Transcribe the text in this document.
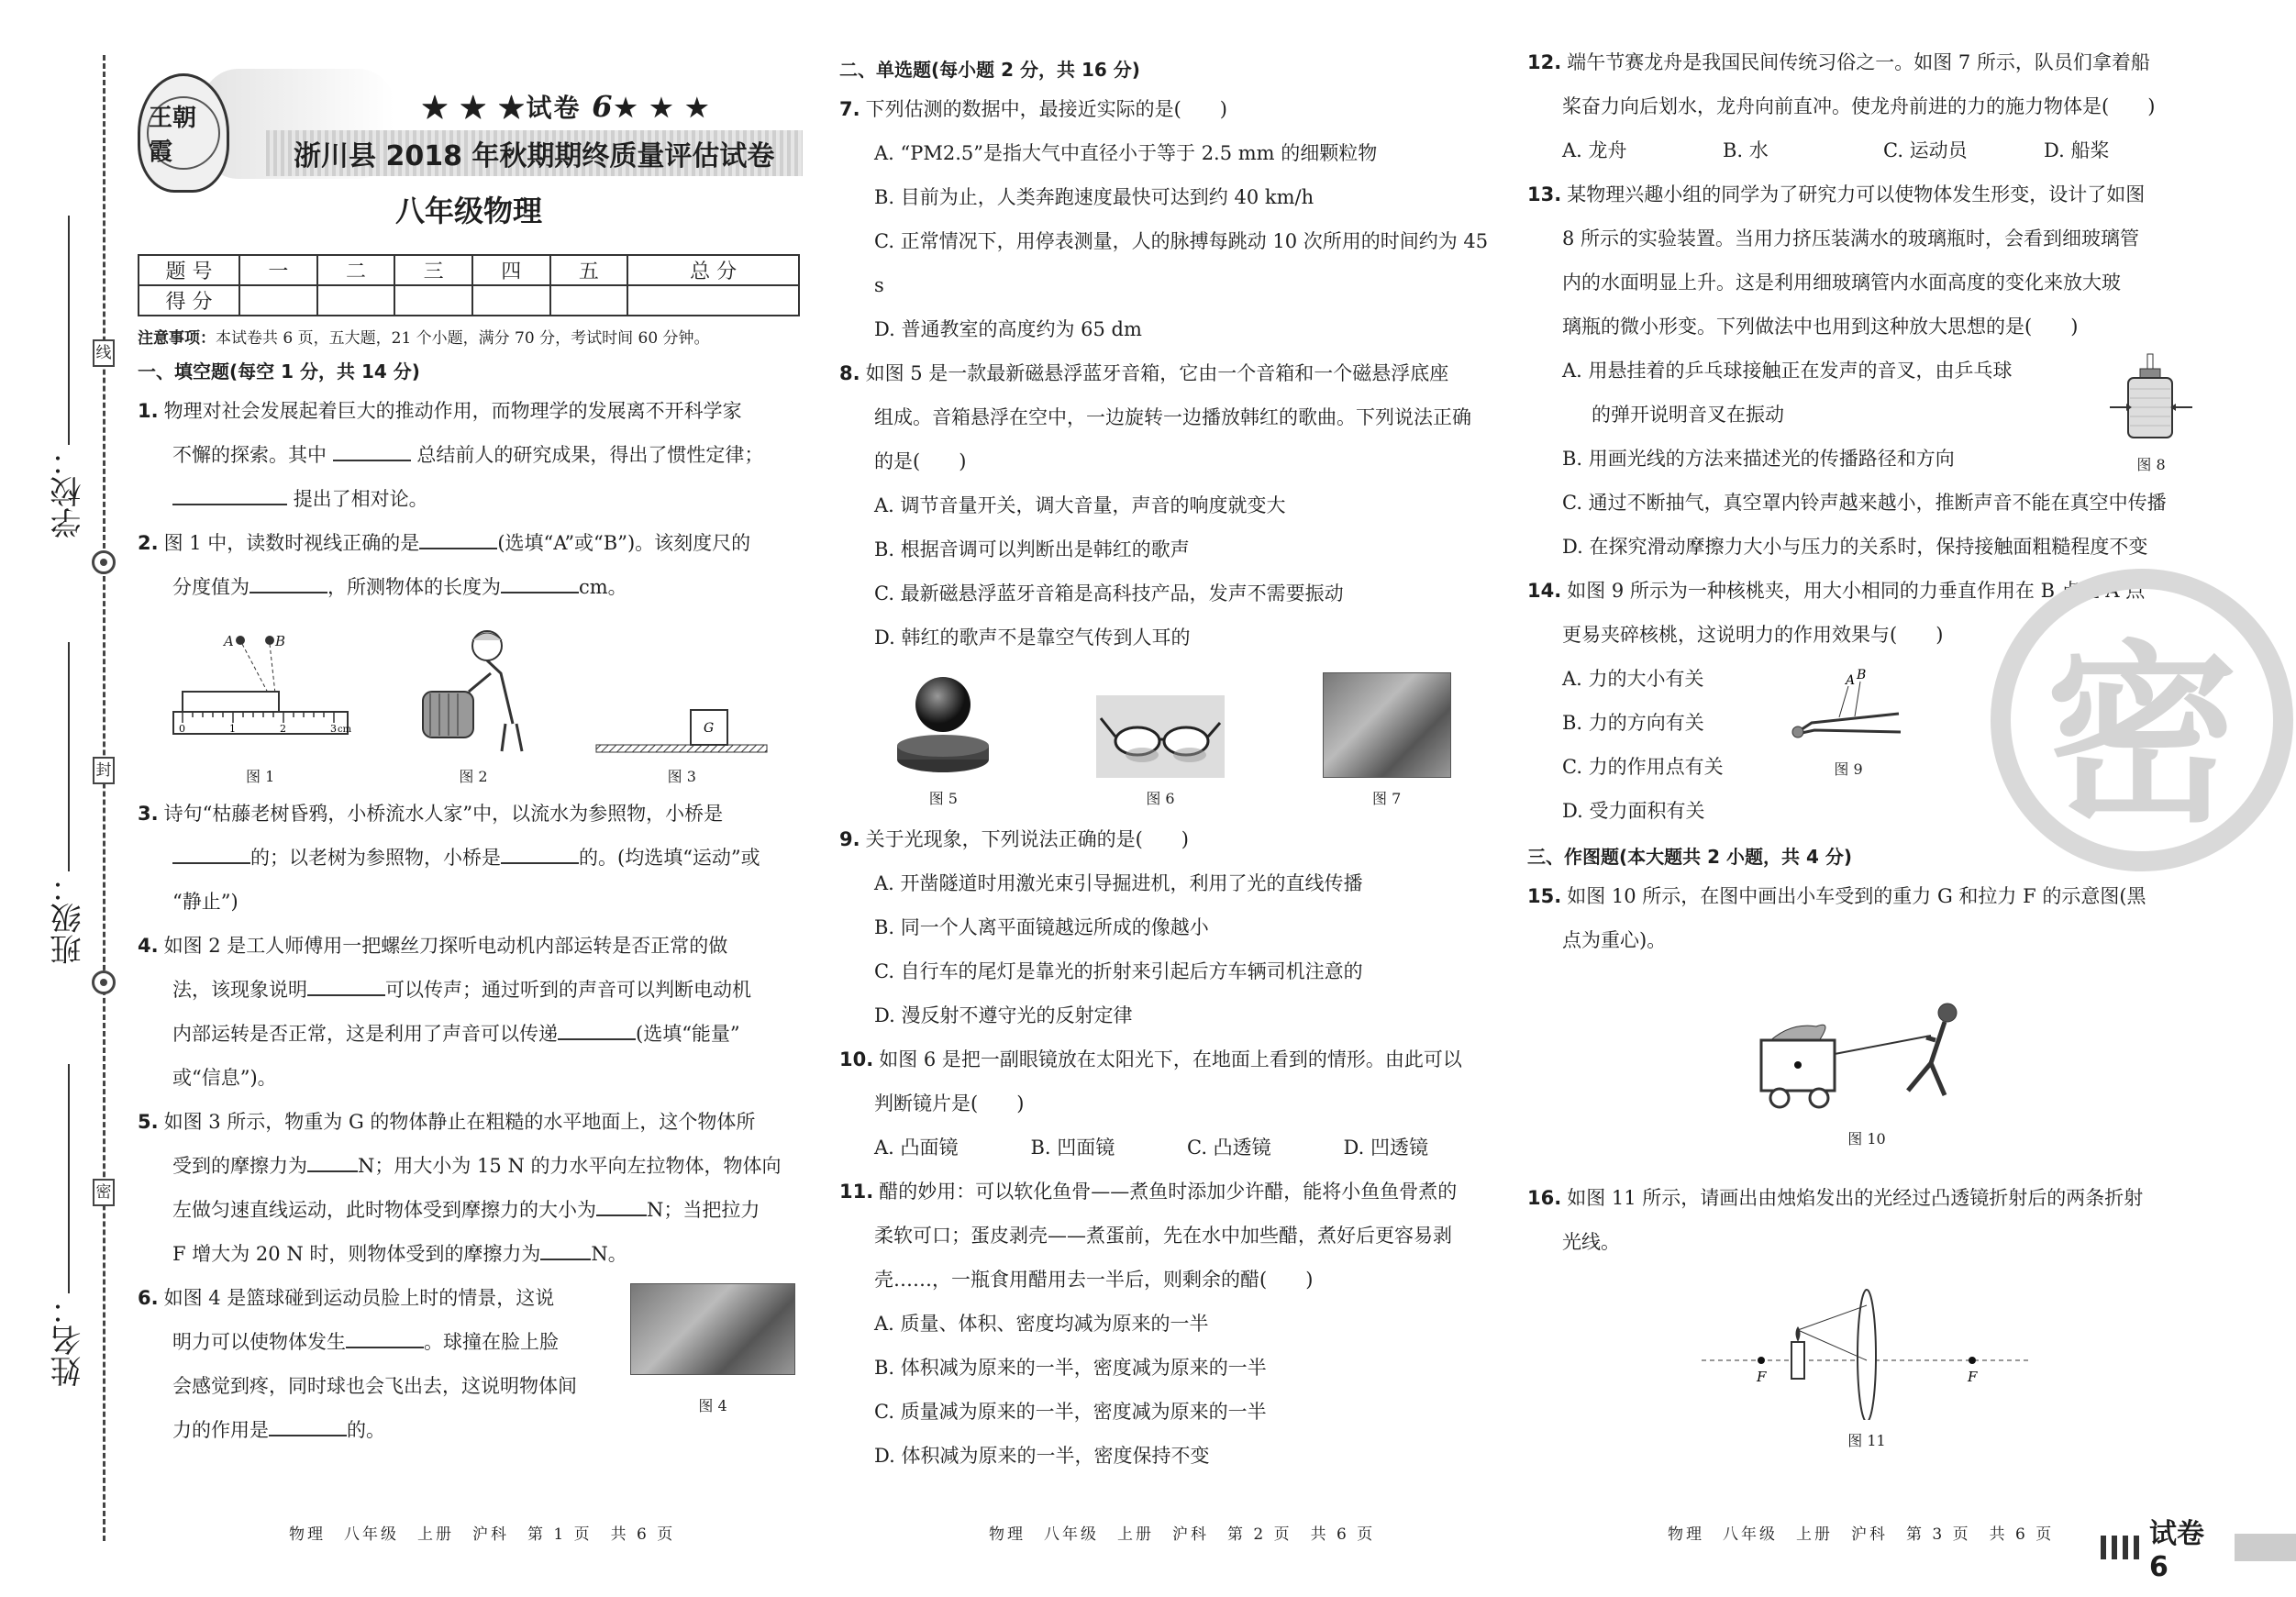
线
封
密
学校：
班级：
姓名：
王朝霞
★ ★ ★试卷 6★ ★ ★
浙川县 2018 年秋期期终质量评估试卷
八年级物理
题 号	一	二	三	四	五	总 分
得 分						
注意事项：本试卷共 6 页，五大题，21 个小题，满分 70 分，考试时间 60 分钟。
一、填空题(每空 1 分，共 14 分)
1. 物理对社会发展起着巨大的推动作用，而物理学的发展离不开科学家
不懈的探索。其中	总结前人的研究成果，得出了惯性定律；
提出了相对论。
2. 图 1 中，读数时视线正确的是	(选填“A”或“B”)。该刻度尺的
分度值为	，所测物体的长度为	cm。
A	B
0	1	2	3 cm
图 1	图 2
G
图 3
3. 诗句“枯藤老树昏鸦，小桥流水人家”中，以流水为参照物，小桥是
的；以老树为参照物，小桥是	的。(均选填“运动”或
“静止”)
4. 如图 2 是工人师傅用一把螺丝刀探听电动机内部运转是否正常的做
法，该现象说明	可以传声；通过听到的声音可以判断电动机
内部运转是否正常，这是利用了声音可以传递	(选填“能量”
或“信息”)。
5. 如图 3 所示，物重为 G 的物体静止在粗糙的水平地面上，这个物体所
受到的摩擦力为	N；用大小为 15 N 的力水平向左拉物体，物体向
左做匀速直线运动，此时物体受到摩擦力的大小为	N；当把拉力
F 增大为 20 N 时，则物体受到的摩擦力为	N。
6. 如图 4 是篮球碰到运动员脸上时的情景，这说
明力可以使物体发生	。球撞在脸上脸
会感觉到疼，同时球也会飞出去，这说明物体间
力的作用是	的。
图 4
物理　八年级　上册　沪科　第 1 页　共 6 页
二、单选题(每小题 2 分，共 16 分)
7. 下列估测的数据中，最接近实际的是(　　)
A. “PM2.5”是指大气中直径小于等于 2.5 mm 的细颗粒物
B. 目前为止，人类奔跑速度最快可达到约 40 km/h
C. 正常情况下，用停表测量，人的脉搏每跳动 10 次所用的时间约为 45 s
D. 普通教室的高度约为 65 dm
8. 如图 5 是一款最新磁悬浮蓝牙音箱，它由一个音箱和一个磁悬浮底座
组成。音箱悬浮在空中，一边旋转一边播放韩红的歌曲。下列说法正确
的是(　　)
A. 调节音量开关，调大音量，声音的响度就变大
B. 根据音调可以判断出是韩红的歌声
C. 最新磁悬浮蓝牙音箱是高科技产品，发声不需要振动
D. 韩红的歌声不是靠空气传到人耳的
图 5	图 6	图 7
9. 关于光现象，下列说法正确的是(　　)
A. 开凿隧道时用激光束引导掘进机，利用了光的直线传播
B. 同一个人离平面镜越远所成的像越小
C. 自行车的尾灯是靠光的折射来引起后方车辆司机注意的
D. 漫反射不遵守光的反射定律
10. 如图 6 是把一副眼镜放在太阳光下，在地面上看到的情形。由此可以
判断镜片是(　　)
A. 凸面镜	B. 凹面镜	C. 凸透镜	D. 凹透镜
11. 醋的妙用：可以软化鱼骨——煮鱼时添加少许醋，能将小鱼鱼骨煮的
柔软可口；蛋皮剥壳——煮蛋前，先在水中加些醋，煮好后更容易剥
壳……，一瓶食用醋用去一半后，则剩余的醋(　　)
A. 质量、体积、密度均减为原来的一半
B. 体积减为原来的一半，密度减为原来的一半
C. 质量减为原来的一半，密度减为原来的一半
D. 体积减为原来的一半，密度保持不变
物理　八年级　上册　沪科　第 2 页　共 6 页
12. 端午节赛龙舟是我国民间传统习俗之一。如图 7 所示，队员们拿着船
桨奋力向后划水，龙舟向前直冲。使龙舟前进的力的施力物体是(　　)
A. 龙舟	B. 水	C. 运动员	D. 船桨
13. 某物理兴趣小组的同学为了研究力可以使物体发生形变，设计了如图
8 所示的实验装置。当用力挤压装满水的玻璃瓶时，会看到细玻璃管
内的水面明显上升。这是利用细玻璃管内水面高度的变化来放大玻
璃瓶的微小形变。下列做法中也用到这种放大思想的是(　　)
A. 用悬挂着的乒乓球接触正在发声的音叉，由乒乓球
的弹开说明音叉在振动
B. 用画光线的方法来描述光的传播路径和方向	图 8
C. 通过不断抽气，真空罩内铃声越来越小，推断声音不能在真空中传播
D. 在探究滑动摩擦力大小与压力的关系时，保持接触面粗糙程度不变
14. 如图 9 所示为一种核桃夹，用大小相同的力垂直作用在 B 点比 A 点
更易夹碎核桃，这说明力的作用效果与(　　)
A. 力的大小有关
B. 力的方向有关
C. 力的作用点有关
D. 受力面积有关
A B
图 9
三、作图题(本大题共 2 小题，共 4 分)
15. 如图 10 所示，在图中画出小车受到的重力 G 和拉力 F 的示意图(黑
点为重心)。
图 10
16. 如图 11 所示，请画出由烛焰发出的光经过凸透镜折射后的两条折射
光线。
F	F
图 11
物理　八年级　上册　沪科　第 3 页　共 6 页
密
试卷 6
